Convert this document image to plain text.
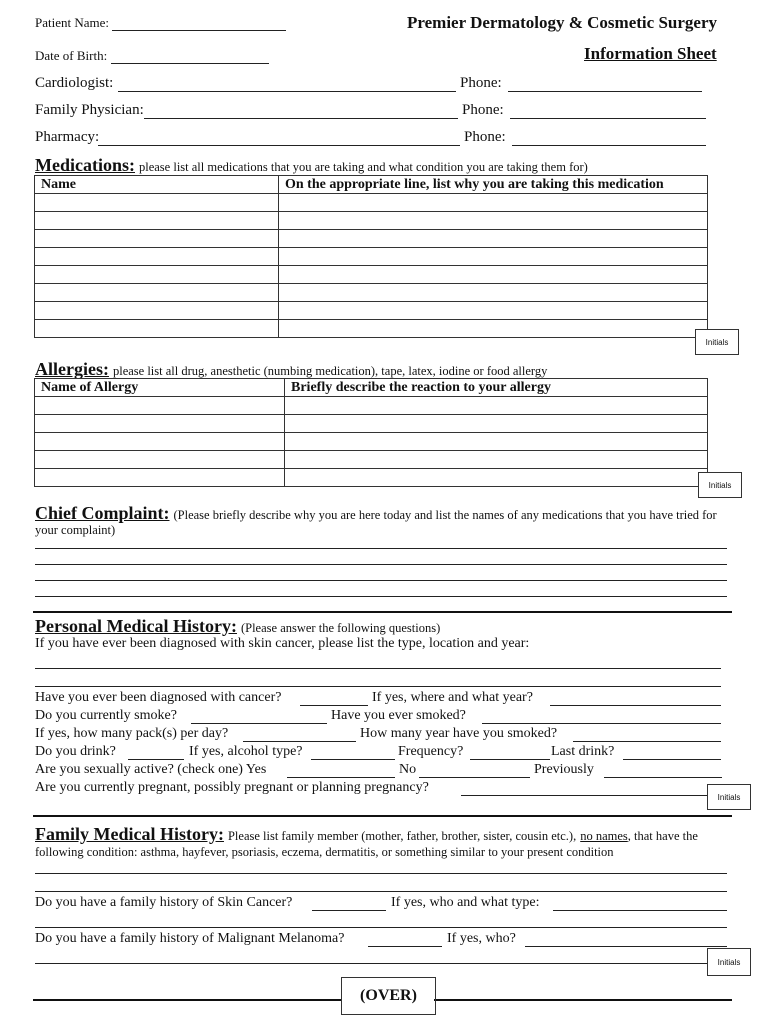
Patient Name:	Premier Dermatology & Cosmetic Surgery
Date of Birth:	Information Sheet
Cardiologist:	Phone:
Family Physician:	Phone:
Pharmacy:	Phone:
Medications: please list all medications that you are taking and what condition you are taking them for)
Name	On the appropriate line, list why you are taking this medication

Initials
Allergies: please list all drug, anesthetic (numbing medication), tape, latex, iodine or food allergy
Name of Allergy	Briefly describe the reaction to your allergy

Initials
Chief Complaint: (Please briefly describe why you are here today and list the names of any medications that you have tried for
your complaint)
Personal Medical History: (Please answer the following questions)
If you have ever been diagnosed with skin cancer, please list the type, location and year:
Have you ever been diagnosed with cancer?	If yes, where and what year?
Do you currently smoke?	Have you ever smoked?
If yes, how many pack(s) per day?	How many year have you smoked?
Do you drink?	If yes, alcohol type?	Frequency?	Last drink?
Are you sexually active? (check one) Yes	No	Previously
Are you currently pregnant, possibly pregnant or planning pregnancy?
Initials
Family Medical History: Please list family member (mother, father, brother, sister, cousin etc.), no names, that have the
following condition: asthma, hayfever, psoriasis, eczema, dermatitis, or something similar to your present condition
Do you have a family history of Skin Cancer?	If yes, who and what type:
Do you have a family history of Malignant Melanoma?	If yes, who?
Initials
(OVER)
